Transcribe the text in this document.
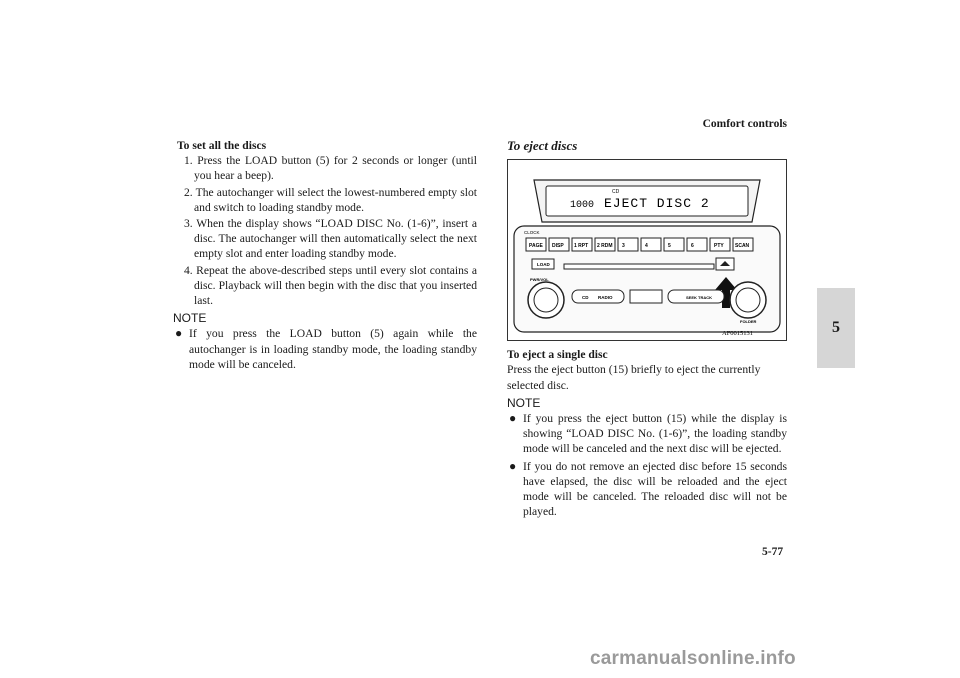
Comfort controls
5
5-77
To set all the discs
1. Press the LOAD button (5) for 2 seconds or longer (until you hear a beep).
2. The autochanger will select the lowest-numbered empty slot and switch to loading standby mode.
3. When the display shows “LOAD DISC No. (1-6)”, insert a disc. The autochanger will then automatically select the next empty slot and enter loading standby mode.
4. Repeat the above-described steps until every slot contains a disc. Playback will then begin with the disc that you inserted last.
NOTE
● If you press the LOAD button (5) again while the autochanger is in loading standby mode, the loading standby mode will be canceled.
To eject discs
1000 EJECT DISC 2
CD
CLOCK
PAGE DISP 1 RPT 2 RDM 3	4	5	6	PTY SCAN
LOAD
PWR/VOL
FOLDER
CD RADIO	SEEK TRACK
AF0015131
To eject a single disc
Press the eject button (15) briefly to eject the currently selected disc.
NOTE
● If you press the eject button (15) while the display is showing “LOAD DISC No. (1-6)”, the loading standby mode will be canceled and the next disc will be ejected.
● If you do not remove an ejected disc before 15 seconds have elapsed, the disc will be reloaded and the eject mode will be canceled. The reloaded disc will not be played.
carmanualsonline.info
